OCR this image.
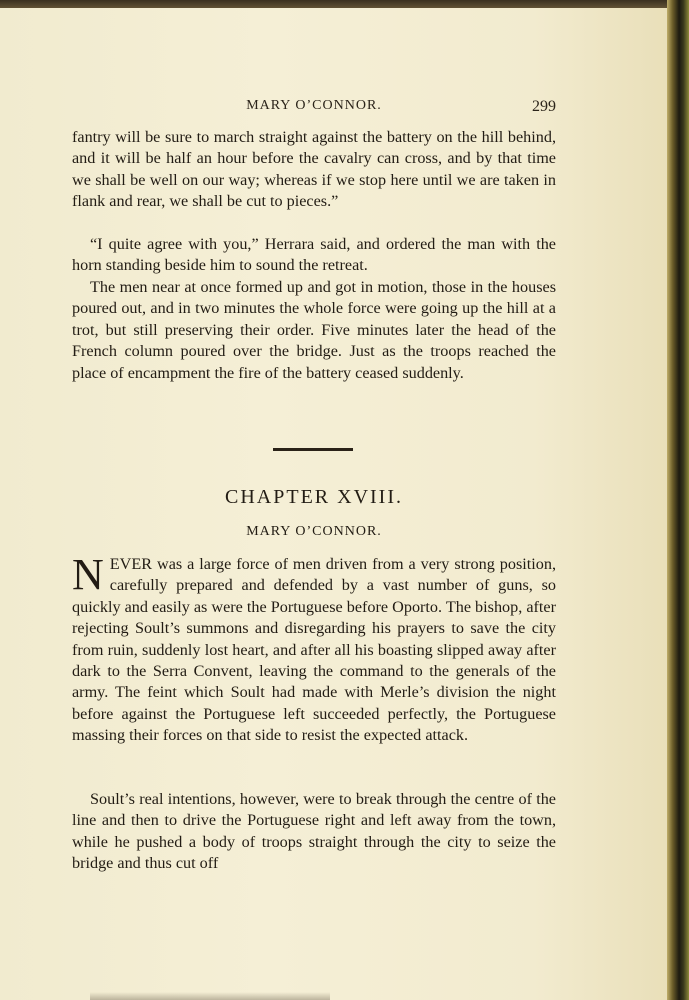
MARY O’CONNOR.	299

fantry will be sure to march straight against the battery on the hill behind, and it will be half an hour before the cavalry can cross, and by that time we shall be well on our way; whereas if we stop here until we are taken in flank and rear, we shall be cut to pieces.”

“I quite agree with you,” Herrara said, and ordered the man with the horn standing beside him to sound the retreat.

The men near at once formed up and got in motion, those in the houses poured out, and in two minutes the whole force were going up the hill at a trot, but still preserving their order. Five minutes later the head of the French column poured over the bridge. Just as the troops reached the place of encampment the fire of the battery ceased suddenly.

CHAPTER XVIII.
MARY O’CONNOR.

NEVER was a large force of men driven from a very strong position, carefully prepared and defended by a vast number of guns, so quickly and easily as were the Portuguese before Oporto. The bishop, after rejecting Soult’s summons and disregarding his prayers to save the city from ruin, suddenly lost heart, and after all his boasting slipped away after dark to the Serra Convent, leaving the command to the generals of the army. The feint which Soult had made with Merle’s division the night before against the Portuguese left succeeded perfectly, the Portuguese massing their forces on that side to resist the expected attack.

Soult’s real intentions, however, were to break through the centre of the line and then to drive the Portuguese right and left away from the town, while he pushed a body of troops straight through the city to seize the bridge and thus cut off
